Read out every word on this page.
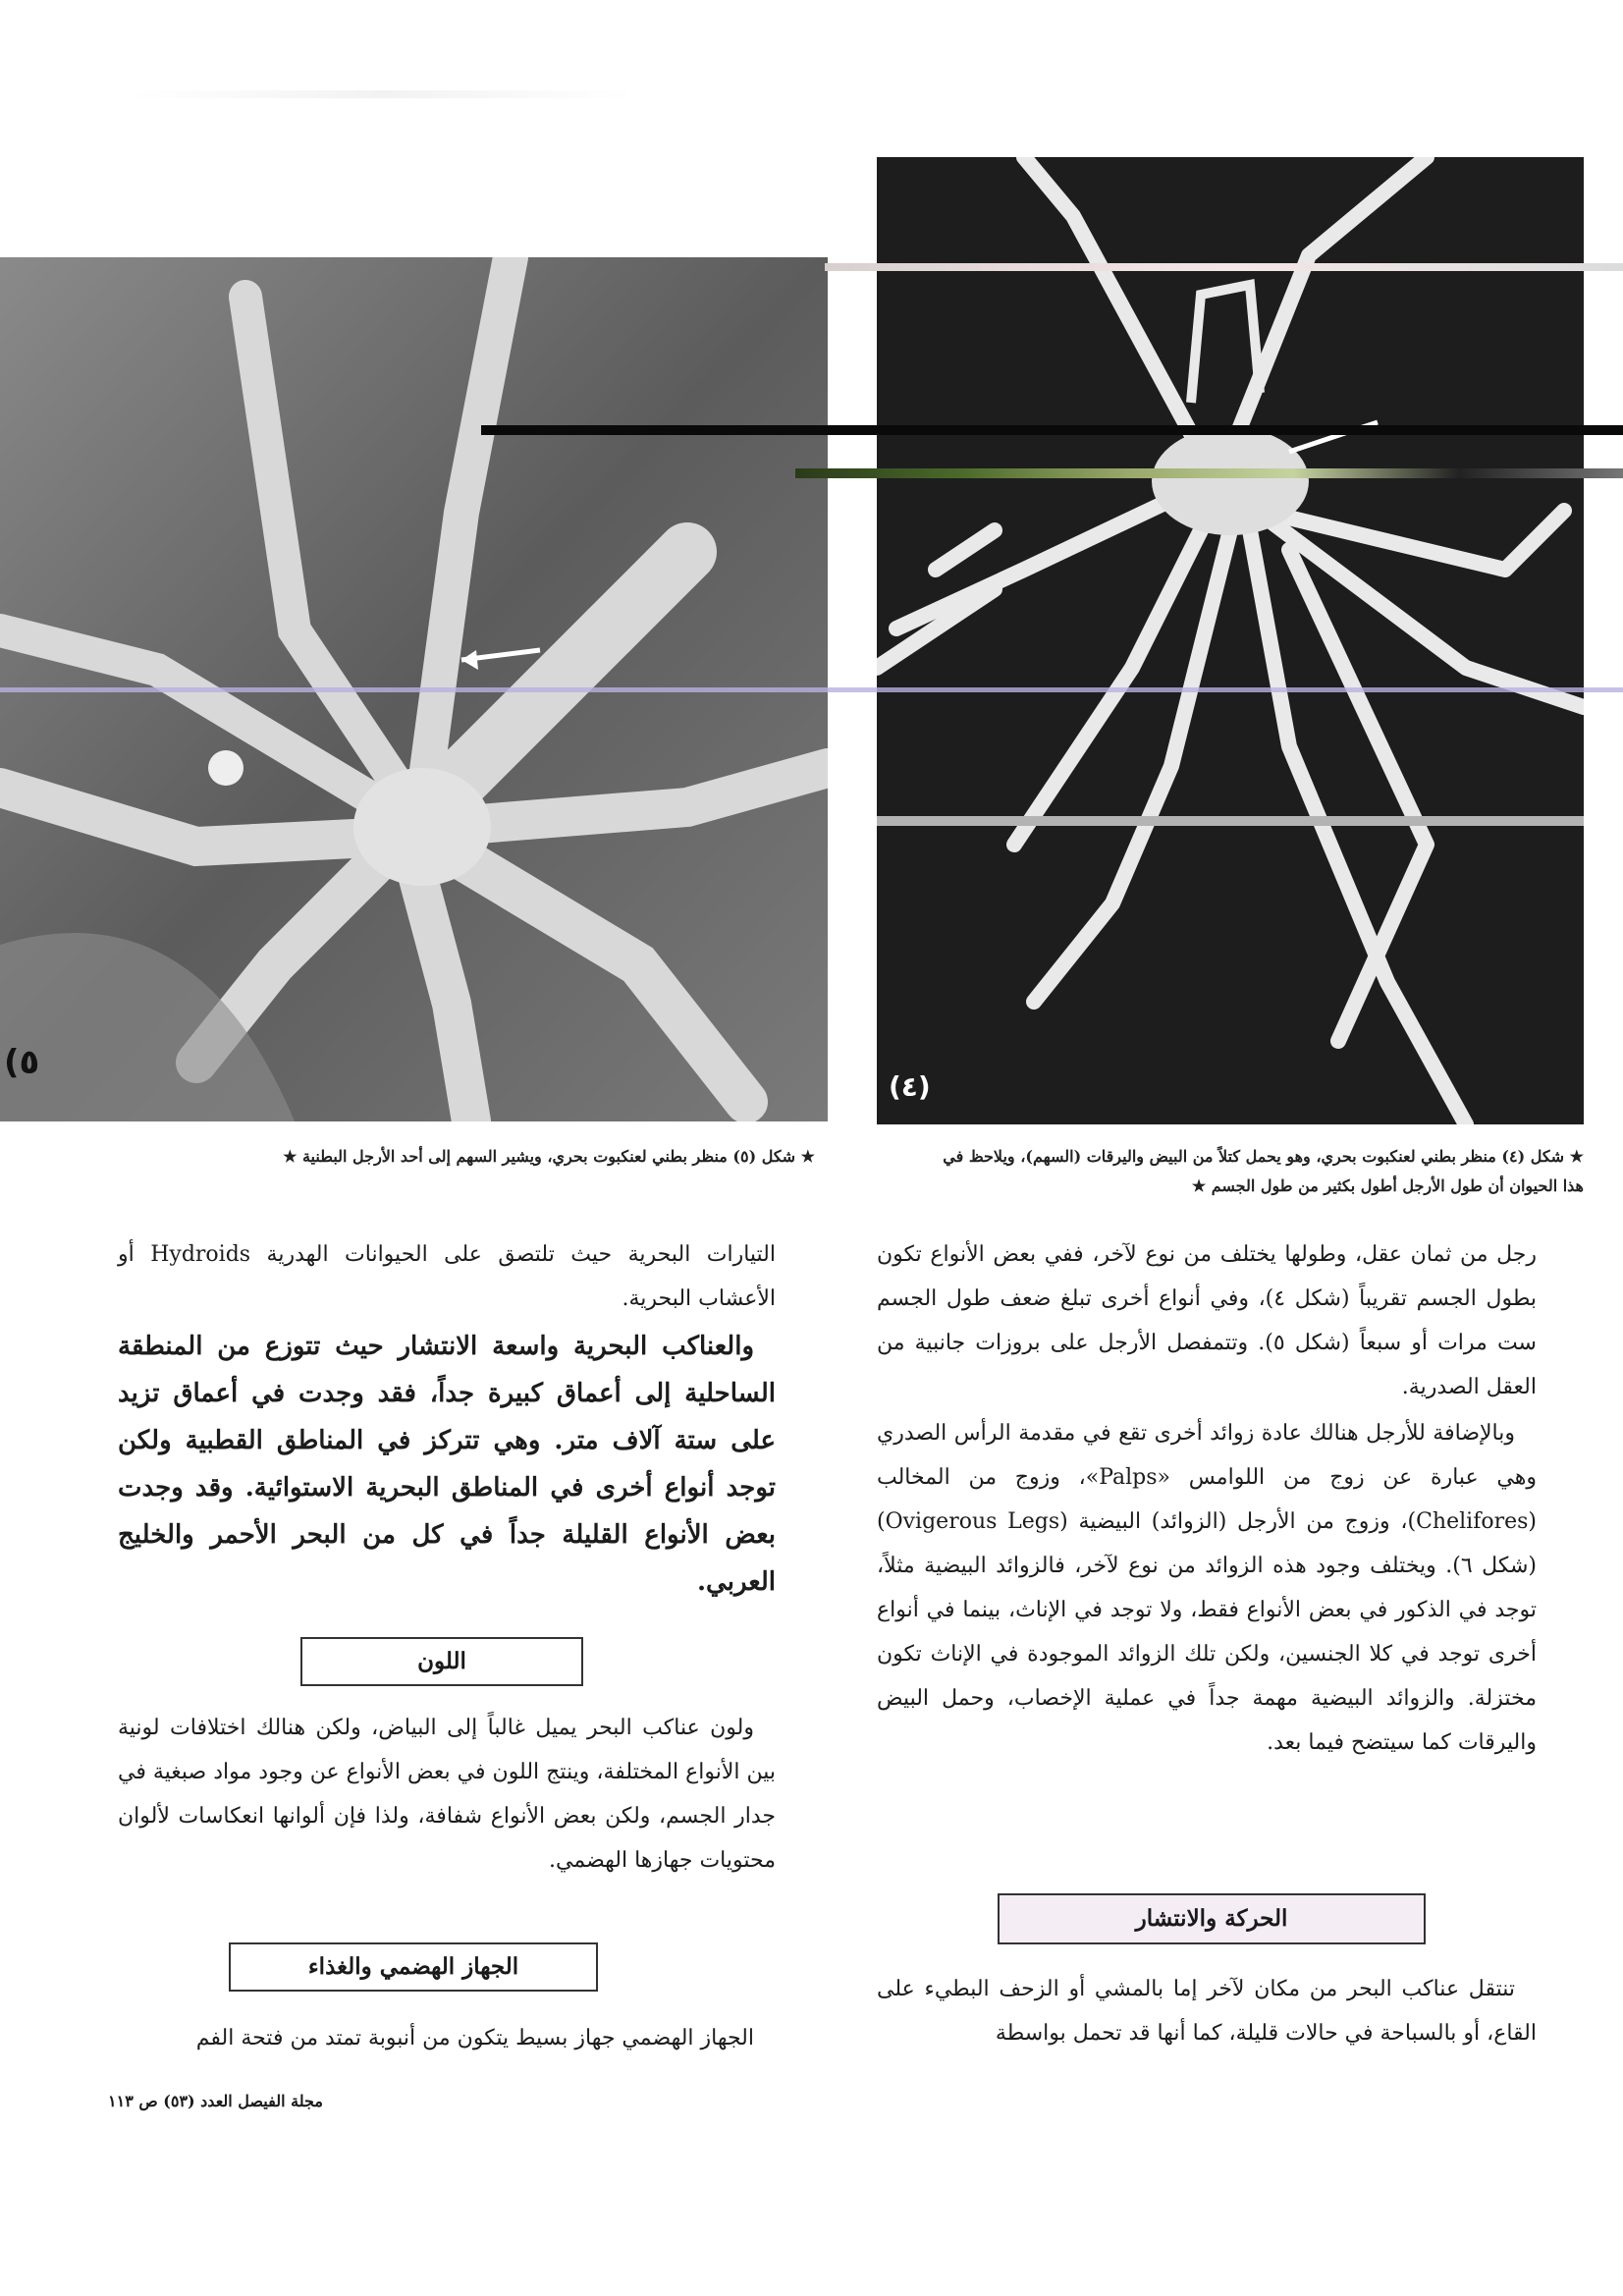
(٥
(٤)
★ شكل (٤) منظر بطني لعنكبوت بحري، وهو يحمل كتلاً من البيض واليرقات (السهم)، ويلاحظ في
هذا الحيوان أن طول الأرجل أطول بكثير من طول الجسم ★
★ شكل (٥) منظر بطني لعنكبوت بحري، ويشير السهم إلى أحد الأرجل البطنية ★

رجل من ثمان عقل، وطولها يختلف من نوع لآخر، ففي بعض الأنواع تكون بطول الجسم تقريباً (شكل ٤)، وفي أنواع أخرى تبلغ ضعف طول الجسم ست مرات أو سبعاً (شكل ٥). وتتمفصل الأرجل على بروزات جانبية من العقل الصدرية.

وبالإضافة للأرجل هنالك عادة زوائد أخرى تقع في مقدمة الرأس الصدري وهي عبارة عن زوج من اللوامس «Palps»، وزوج من المخالب (Chelifores)، وزوج من الأرجل (الزوائد) البيضية (Ovigerous Legs) (شكل ٦). ويختلف وجود هذه الزوائد من نوع لآخر، فالزوائد البيضية مثلاً، توجد في الذكور في بعض الأنواع فقط، ولا توجد في الإناث، بينما في أنواع أخرى توجد في كلا الجنسين، ولكن تلك الزوائد الموجودة في الإناث تكون مختزلة. والزوائد البيضية مهمة جداً في عملية الإخصاب، وحمل البيض واليرقات كما سيتضح فيما بعد.

الحركة والانتشار

تنتقل عناكب البحر من مكان لآخر إما بالمشي أو الزحف البطيء على القاع، أو بالسباحة في حالات قليلة، كما أنها قد تحمل بواسطة

التيارات البحرية حيث تلتصق على الحيوانات الهدرية Hydroids أو الأعشاب البحرية.

والعناكب البحرية واسعة الانتشار حيث تتوزع من المنطقة الساحلية إلى أعماق كبيرة جداً، فقد وجدت في أعماق تزيد على ستة آلاف متر. وهي تتركز في المناطق القطبية ولكن توجد أنواع أخرى في المناطق البحرية الاستوائية. وقد وجدت بعض الأنواع القليلة جداً في كل من البحر الأحمر والخليج العربي.

اللون

ولون عناكب البحر يميل غالباً إلى البياض، ولكن هنالك اختلافات لونية بين الأنواع المختلفة، وينتج اللون في بعض الأنواع عن وجود مواد صبغية في جدار الجسم، ولكن بعض الأنواع شفافة، ولذا فإن ألوانها انعكاسات لألوان محتويات جهازها الهضمي.

الجهاز الهضمي والغذاء

الجهاز الهضمي جهاز بسيط يتكون من أنبوبة تمتد من فتحة الفم

مجلة الفيصل العدد (٥٣) ص ١١٣
